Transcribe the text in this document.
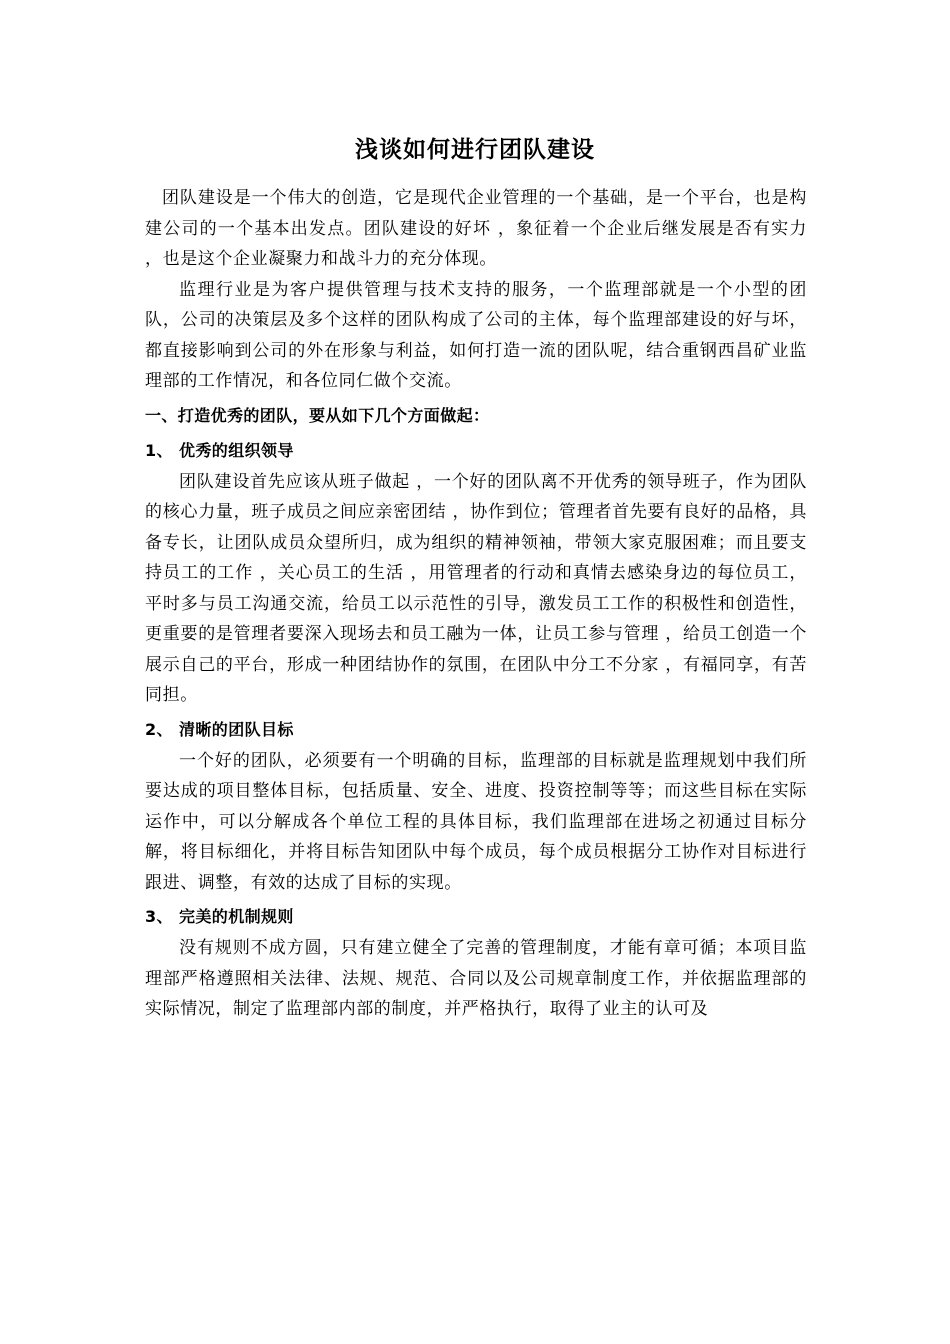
浅谈如何进行团队建设

团队建设是一个伟大的创造，它是现代企业管理的一个基础，是一个平台，也是构建公司的一个基本出发点。团队建设的好坏 ，象征着一个企业后继发展是否有实力 ，也是这个企业凝聚力和战斗力的充分体现。

监理行业是为客户提供管理与技术支持的服务，一个监理部就是一个小型的团队，公司的决策层及多个这样的团队构成了公司的主体，每个监理部建设的好与坏，都直接影响到公司的外在形象与利益，如何打造一流的团队呢，结合重钢西昌矿业监理部的工作情况，和各位同仁做个交流。

一、打造优秀的团队，要从如下几个方面做起：

1、 优秀的组织领导

团队建设首先应该从班子做起 ，一个好的团队离不开优秀的领导班子，作为团队的核心力量，班子成员之间应亲密团结 ，协作到位；管理者首先要有良好的品格，具备专长，让团队成员众望所归，成为组织的精神领袖，带领大家克服困难；而且要支持员工的工作 ，关心员工的生活 ，用管理者的行动和真情去感染身边的每位员工，平时多与员工沟通交流，给员工以示范性的引导，激发员工工作的积极性和创造性，更重要的是管理者要深入现场去和员工融为一体，让员工参与管理 ，给员工创造一个展示自己的平台，形成一种团结协作的氛围，在团队中分工不分家 ，有福同享，有苦同担。

2、 清晰的团队目标

一个好的团队，必须要有一个明确的目标，监理部的目标就是监理规划中我们所要达成的项目整体目标，包括质量、安全、进度、投资控制等等；而这些目标在实际运作中，可以分解成各个单位工程的具体目标，我们监理部在进场之初通过目标分解，将目标细化，并将目标告知团队中每个成员，每个成员根据分工协作对目标进行跟进、调整，有效的达成了目标的实现。

3、 完美的机制规则

没有规则不成方圆，只有建立健全了完善的管理制度，才能有章可循；本项目监理部严格遵照相关法律、法规、规范、合同以及公司规章制度工作，并依据监理部的实际情况，制定了监理部内部的制度，并严格执行，取得了业主的认可及
